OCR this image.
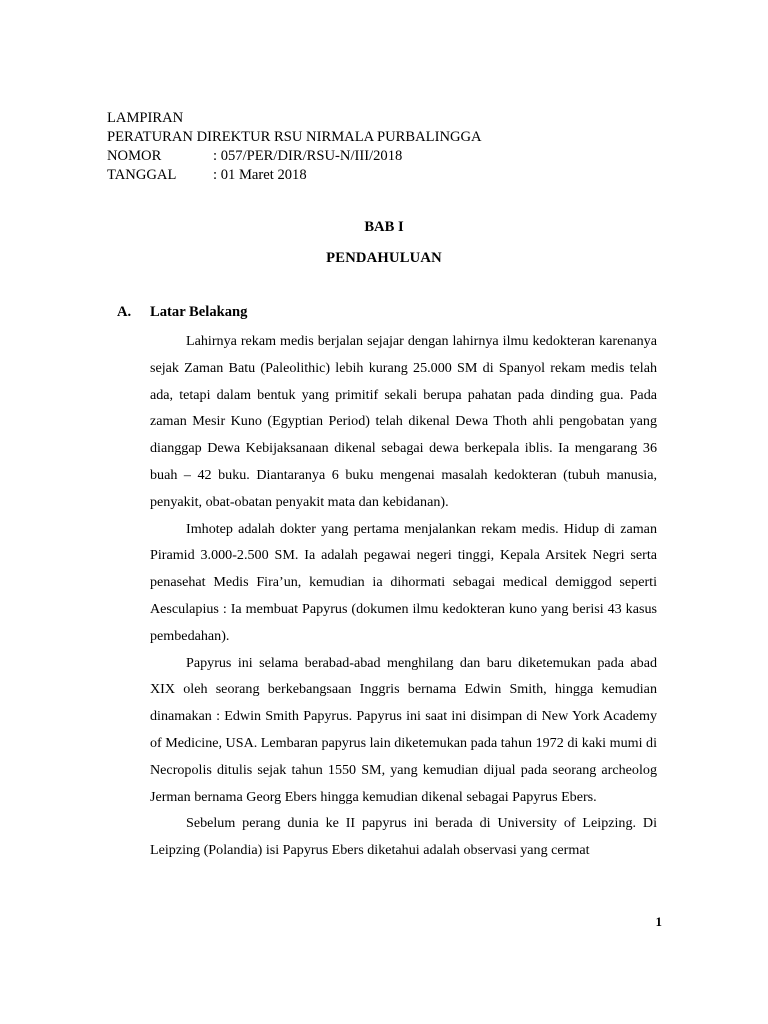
LAMPIRAN
PERATURAN DIREKTUR RSU NIRMALA PURBALINGGA
NOMOR	: 057/PER/DIR/RSU-N/III/2018
TANGGAL	: 01 Maret 2018
BAB I
PENDAHULUAN
A. Latar Belakang

Lahirnya rekam medis berjalan sejajar dengan lahirnya ilmu kedokteran karenanya sejak Zaman Batu (Paleolithic) lebih kurang 25.000 SM di Spanyol rekam medis telah ada, tetapi dalam bentuk yang primitif sekali berupa pahatan pada dinding gua. Pada zaman Mesir Kuno (Egyptian Period) telah dikenal Dewa Thoth ahli pengobatan yang dianggap Dewa Kebijaksanaan dikenal sebagai dewa berkepala iblis. Ia mengarang 36 buah – 42 buku. Diantaranya 6 buku mengenai masalah kedokteran (tubuh manusia, penyakit, obat-obatan penyakit mata dan kebidanan).

Imhotep adalah dokter yang pertama menjalankan rekam medis. Hidup di zaman Piramid 3.000-2.500 SM. Ia adalah pegawai negeri tinggi, Kepala Arsitek Negri serta penasehat Medis Fira’un, kemudian ia dihormati sebagai medical demiggod seperti Aesculapius : Ia membuat Papyrus (dokumen ilmu kedokteran kuno yang berisi 43 kasus pembedahan).

Papyrus ini selama berabad-abad menghilang dan baru diketemukan pada abad XIX oleh seorang berkebangsaan Inggris bernama Edwin Smith, hingga kemudian dinamakan : Edwin Smith Papyrus. Papyrus ini saat ini disimpan di New York Academy of Medicine, USA. Lembaran papyrus lain diketemukan pada tahun 1972 di kaki mumi di Necropolis ditulis sejak tahun 1550 SM, yang kemudian dijual pada seorang archeolog Jerman bernama Georg Ebers hingga kemudian dikenal sebagai Papyrus Ebers.

Sebelum perang dunia ke II papyrus ini berada di University of Leipzing. Di Leipzing (Polandia) isi Papyrus Ebers diketahui adalah observasi yang cermat

1
